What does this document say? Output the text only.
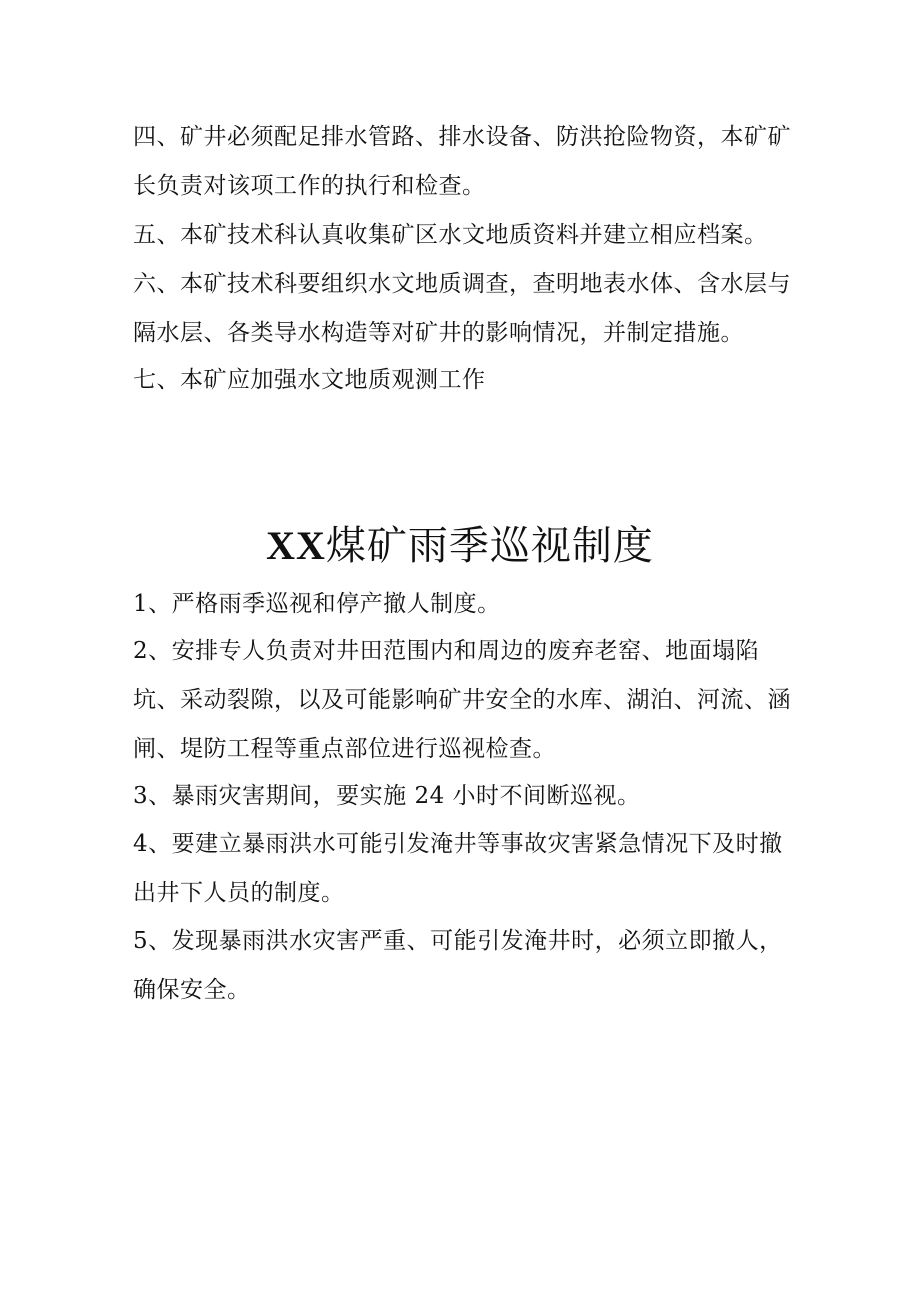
四、矿井必须配足排水管路、排水设备、防洪抢险物资，本矿矿
长负责对该项工作的执行和检查。
五、本矿技术科认真收集矿区水文地质资料并建立相应档案。
六、本矿技术科要组织水文地质调查，查明地表水体、含水层与
隔水层、各类导水构造等对矿井的影响情况，并制定措施。
七、本矿应加强水文地质观测工作
XX煤矿雨季巡视制度
1、严格雨季巡视和停产撤人制度。
2、安排专人负责对井田范围内和周边的废弃老窑、地面塌陷
坑、采动裂隙，以及可能影响矿井安全的水库、湖泊、河流、涵
闸、堤防工程等重点部位进行巡视检查。
3、暴雨灾害期间，要实施 24 小时不间断巡视。
4、要建立暴雨洪水可能引发淹井等事故灾害紧急情况下及时撤
出井下人员的制度。
5、发现暴雨洪水灾害严重、可能引发淹井时，必须立即撤人，
确保安全。
